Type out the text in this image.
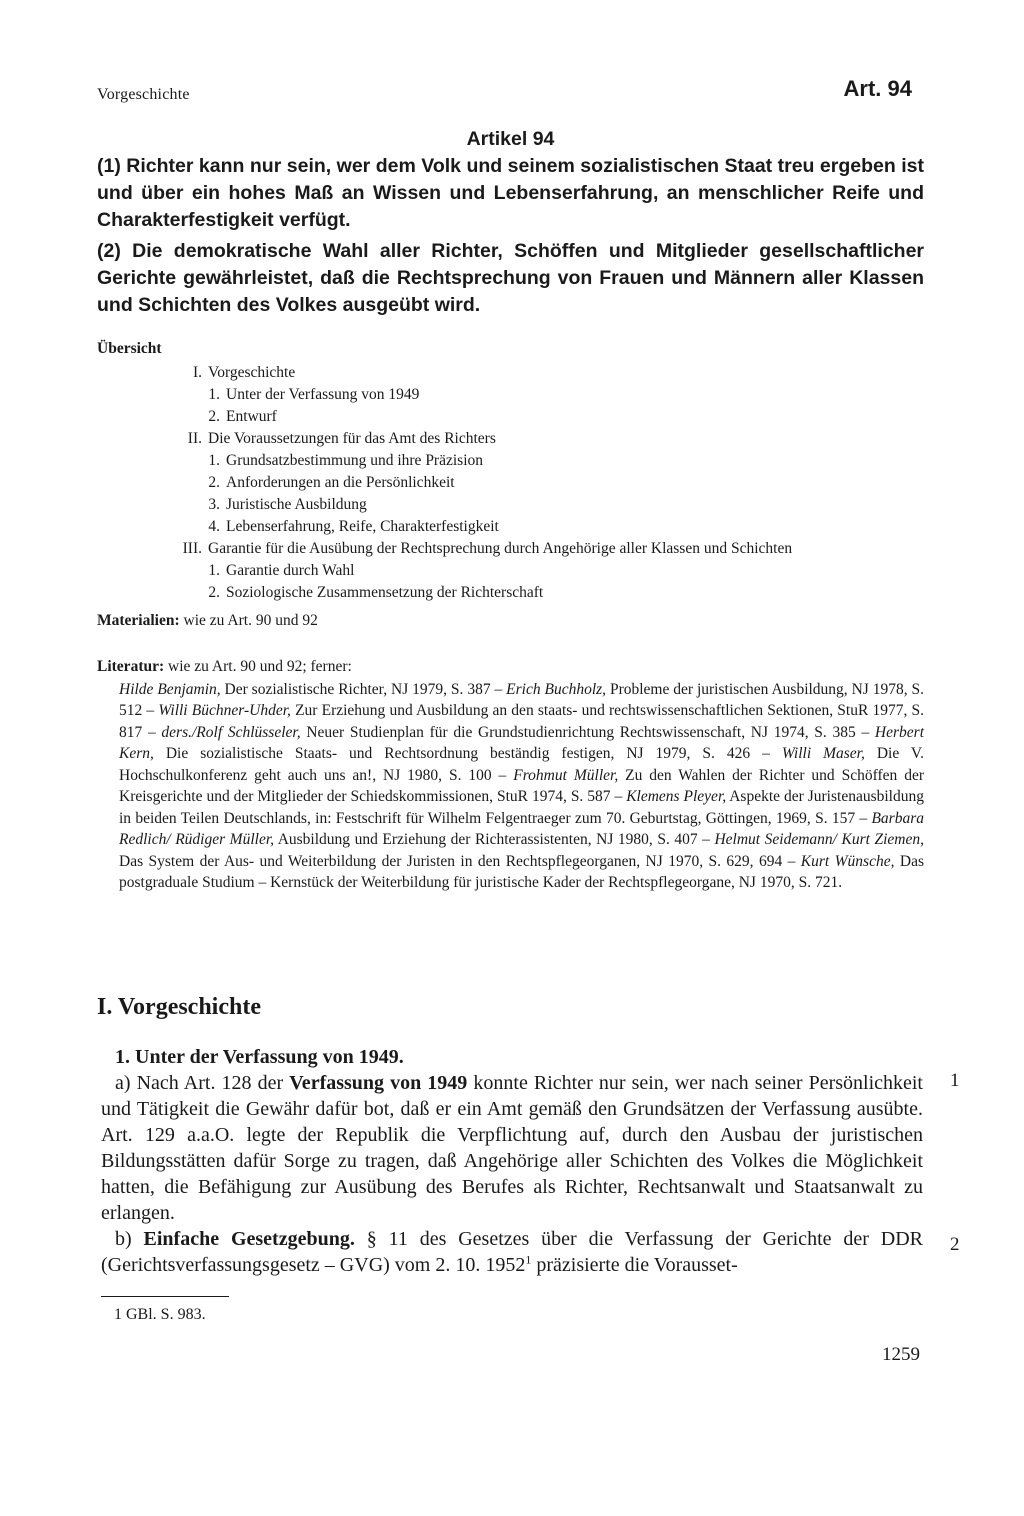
Vorgeschichte	Art. 94
Artikel 94

(1) Richter kann nur sein, wer dem Volk und seinem sozialistischen Staat treu ergeben ist und über ein hohes Maß an Wissen und Lebenserfahrung, an menschlicher Reife und Charakterfestigkeit verfügt.

(2) Die demokratische Wahl aller Richter, Schöffen und Mitglieder gesellschaftlicher Gerichte gewährleistet, daß die Rechtsprechung von Frauen und Männern aller Klassen und Schichten des Volkes ausgeübt wird.

Übersicht
I. Vorgeschichte
1. Unter der Verfassung von 1949
2. Entwurf
II. Die Voraussetzungen für das Amt des Richters
1. Grundsatzbestimmung und ihre Präzision
2. Anforderungen an die Persönlichkeit
3. Juristische Ausbildung
4. Lebenserfahrung, Reife, Charakterfestigkeit
III. Garantie für die Ausübung der Rechtsprechung durch Angehörige aller Klassen und Schichten
1. Garantie durch Wahl
2. Soziologische Zusammensetzung der Richterschaft
Materialien: wie zu Art. 90 und 92
Literatur: wie zu Art. 90 und 92; ferner:
Hilde Benjamin, Der sozialistische Richter, NJ 1979, S. 387 – Erich Buchholz, Probleme der juristischen Ausbildung, NJ 1978, S. 512 – Willi Büchner-Uhder, Zur Erziehung und Ausbildung an den staats- und rechtswissenschaftlichen Sektionen, StuR 1977, S. 817 – ders./Rolf Schlüsseler, Neuer Studienplan für die Grundstudienrichtung Rechtswissenschaft, NJ 1974, S. 385 – Herbert Kern, Die sozialistische Staats- und Rechtsordnung beständig festigen, NJ 1979, S. 426 – Willi Maser, Die V. Hochschulkonferenz geht auch uns an!, NJ 1980, S. 100 – Frohmut Müller, Zu den Wahlen der Richter und Schöffen der Kreisgerichte und der Mitglieder der Schiedskommissionen, StuR 1974, S. 587 – Klemens Pleyer, Aspekte der Juristenausbildung in beiden Teilen Deutschlands, in: Festschrift für Wilhelm Felgentraeger zum 70. Geburtstag, Göttingen, 1969, S. 157 – Barbara Redlich/ Rüdiger Müller, Ausbildung und Erziehung der Richterassistenten, NJ 1980, S. 407 – Helmut Seidemann/ Kurt Ziemen, Das System der Aus- und Weiterbildung der Juristen in den Rechtspflegeorganen, NJ 1970, S. 629, 694 – Kurt Wünsche, Das postgraduale Studium – Kernstück der Weiterbildung für juristische Kader der Rechtspflegeorgane, NJ 1970, S. 721.
I. Vorgeschichte
1. Unter der Verfassung von 1949.

a) Nach Art. 128 der Verfassung von 1949 konnte Richter nur sein, wer nach seiner Persönlichkeit und Tätigkeit die Gewähr dafür bot, daß er ein Amt gemäß den Grundsätzen der Verfassung ausübte. Art. 129 a.a.O. legte der Republik die Verpflichtung auf, durch den Ausbau der juristischen Bildungsstätten dafür Sorge zu tragen, daß Angehörige aller Schichten des Volkes die Möglichkeit hatten, die Befähigung zur Ausübung des Berufes als Richter, Rechtsanwalt und Staatsanwalt zu erlangen.

b) Einfache Gesetzgebung. § 11 des Gesetzes über die Verfassung der Gerichte der DDR (Gerichtsverfassungsgesetz – GVG) vom 2. 10. 1952$^1$ präzisierte die Vorausset-

1
2
1 GBl. S. 983.
1259
